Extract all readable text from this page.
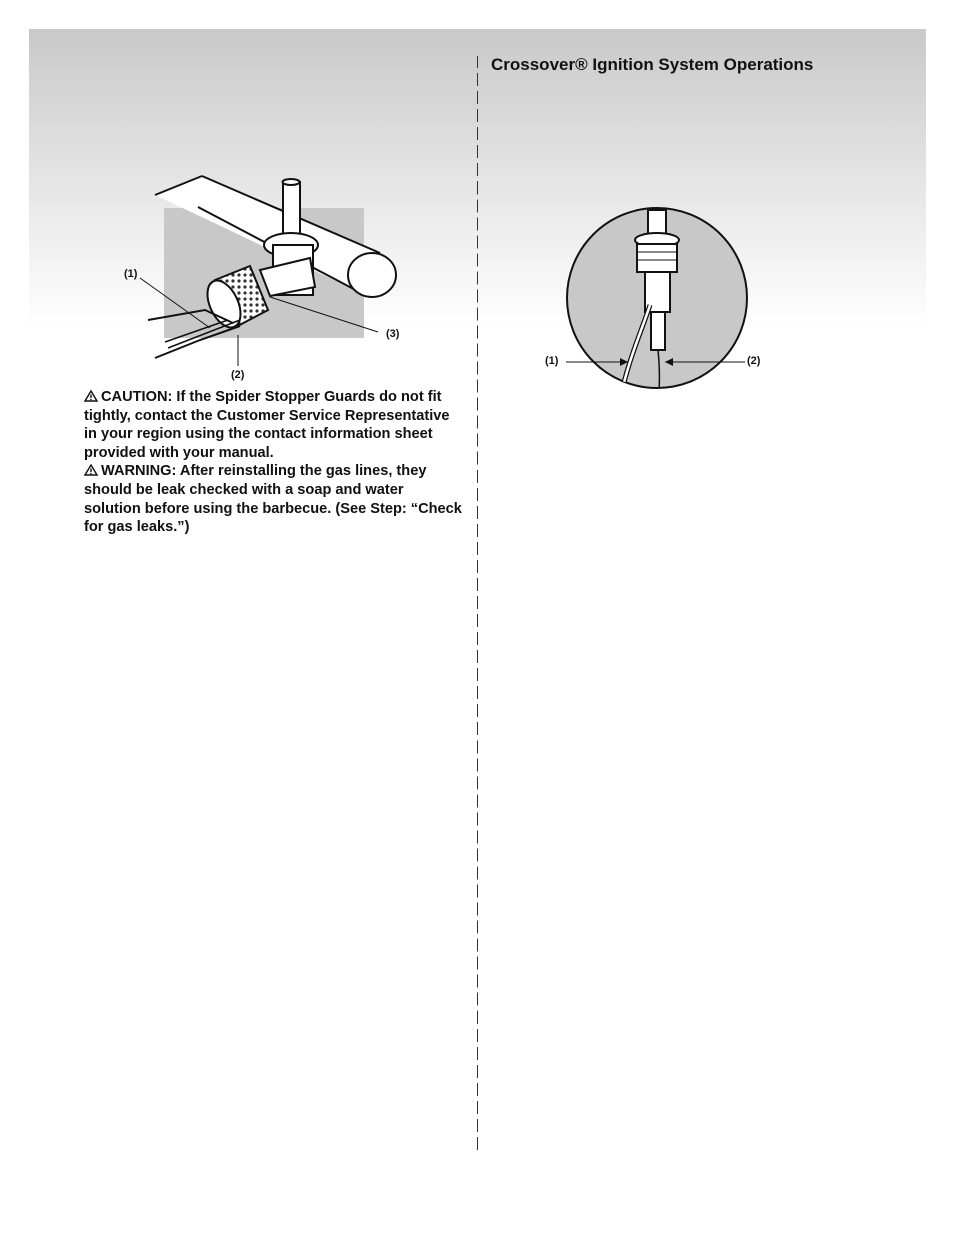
Crossover® Ignition System Operations
(1)
(2)
(3)
(1)	(2)

CAUTION: If the Spider Stopper Guards do not fit tightly, contact the Customer Service Representative in your region using the contact information sheet provided with your manual.

WARNING: After reinstalling the gas lines, they should be leak checked with a soap and water solution before using the barbecue. (See Step: “Check for gas leaks.”)
